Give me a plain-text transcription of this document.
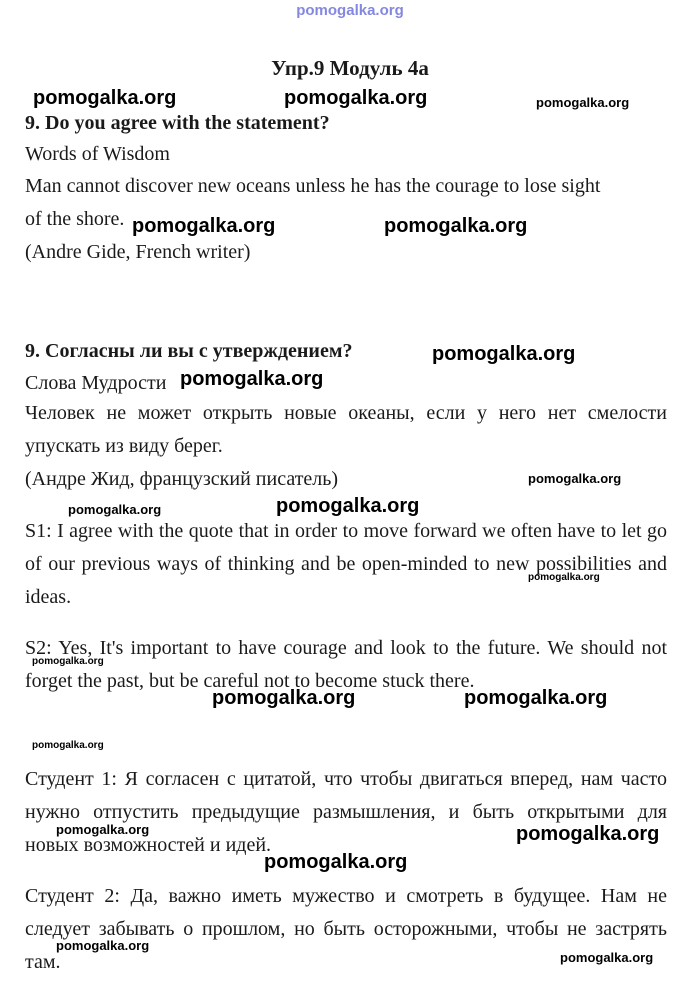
pomogalka.org
Упр.9 Модуль 4а
9. Do you agree with the statement?
Words of Wisdom
Man cannot discover new oceans unless he has the courage to lose sight
of the shore.
(Andre Gide, French writer)
9. Согласны ли вы с утверждением?
Слова Мудрости
Человек не может открыть новые океаны, если у него нет смелости упускать из виду берег.
(Андре Жид, французский писатель)
S1: I agree with the quote that in order to move forward we often have to let go of our previous ways of thinking and be open-minded to new possibilities and ideas.
S2: Yes, It's important to have courage and look to the future. We should not forget the past, but be careful not to become stuck there.
Студент 1: Я согласен с цитатой, что чтобы двигаться вперед, нам часто нужно отпустить предыдущие размышления, и быть открытыми для новых возможностей и идей.
Студент 2: Да, важно иметь мужество и смотреть в будущее. Нам не следует забывать о прошлом, но быть осторожными, чтобы не застрять там.
pomogalka.org	pomogalka.org	pomogalka.org
pomogalka.org	pomogalka.org
pomogalka.org
pomogalka.org
pomogalka.org
pomogalka.org
pomogalka.org
pomogalka.org
pomogalka.org
pomogalka.org	pomogalka.org
pomogalka.org
pomogalka.org	pomogalka.org
pomogalka.org
pomogalka.org
pomogalka.org
